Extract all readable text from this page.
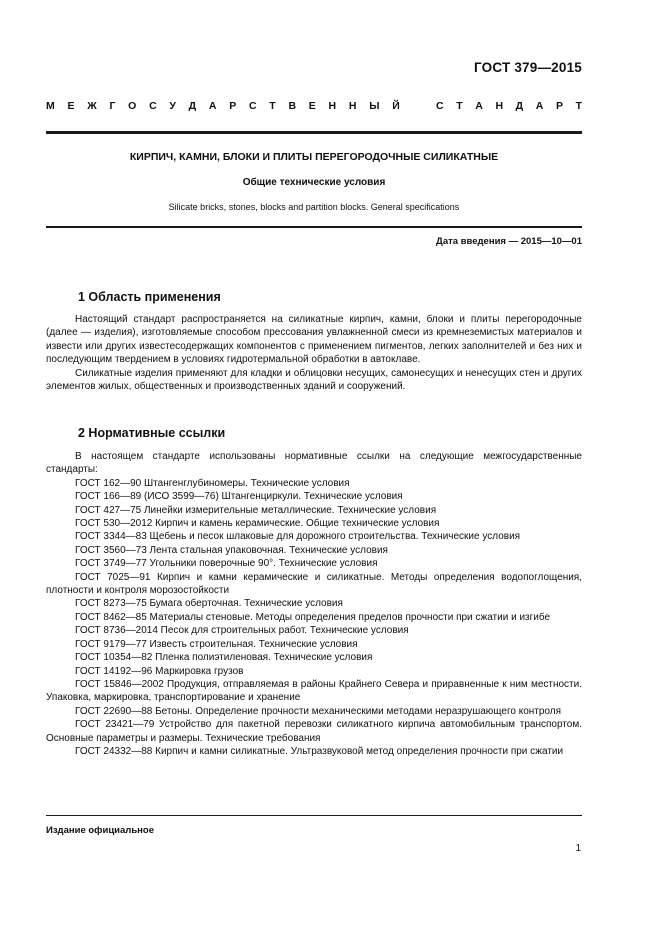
ГОСТ 379—2015
М Е Ж Г О С У Д А Р С Т В Е Н Н Ы Й	С Т А Н Д А Р Т
КИРПИЧ, КАМНИ, БЛОКИ И ПЛИТЫ ПЕРЕГОРОДОЧНЫЕ СИЛИКАТНЫЕ
Общие технические условия
Silicate bricks, stones, blocks and partition blocks. General specifications
Дата введения — 2015—10—01
1 Область применения

Настоящий стандарт распространяется на силикатные кирпич, камни, блоки и плиты перегородочные (далее — изделия), изготовляемые способом прессования увлажненной смеси из кремнеземистых материалов и извести или других известесодержащих компонентов с применением пигментов, легких заполнителей и без них и последующим твердением в условиях гидротермальной обработки в автоклаве.

Силикатные изделия применяют для кладки и облицовки несущих, самонесущих и ненесущих стен и других элементов жилых, общественных и производственных зданий и сооружений.

2 Нормативные ссылки

В настоящем стандарте использованы нормативные ссылки на следующие межгосударственные стандарты:

ГОСТ 162—90 Штангенглубиномеры. Технические условия
ГОСТ 166—89 (ИСО 3599—76) Штангенциркули. Технические условия
ГОСТ 427—75 Линейки измерительные металлические. Технические условия
ГОСТ 530—2012 Кирпич и камень керамические. Общие технические условия
ГОСТ 3344—83 Щебень и песок шлаковые для дорожного строительства. Технические условия
ГОСТ 3560—73 Лента стальная упаковочная. Технические условия
ГОСТ 3749—77 Угольники поверочные 90°. Технические условия
ГОСТ 7025—91 Кирпич и камни керамические и силикатные. Методы определения водопоглощения, плотности и контроля морозостойкости
ГОСТ 8273—75 Бумага оберточная. Технические условия
ГОСТ 8462—85 Материалы стеновые. Методы определения пределов прочности при сжатии и изгибе
ГОСТ 8736—2014 Песок для строительных работ. Технические условия
ГОСТ 9179—77 Известь строительная. Технические условия
ГОСТ 10354—82 Пленка полиэтиленовая. Технические условия
ГОСТ 14192—96 Маркировка грузов
ГОСТ 15846—2002 Продукция, отправляемая в районы Крайнего Севера и приравненные к ним местности. Упаковка, маркировка, транспортирование и хранение
ГОСТ 22690—88 Бетоны. Определение прочности механическими методами неразрушающего контроля
ГОСТ 23421—79 Устройство для пакетной перевозки силикатного кирпича автомобильным транспортом. Основные параметры и размеры. Технические требования
ГОСТ 24332—88 Кирпич и камни силикатные. Ультразвуковой метод определения прочности при сжатии
Издание официальное
1
